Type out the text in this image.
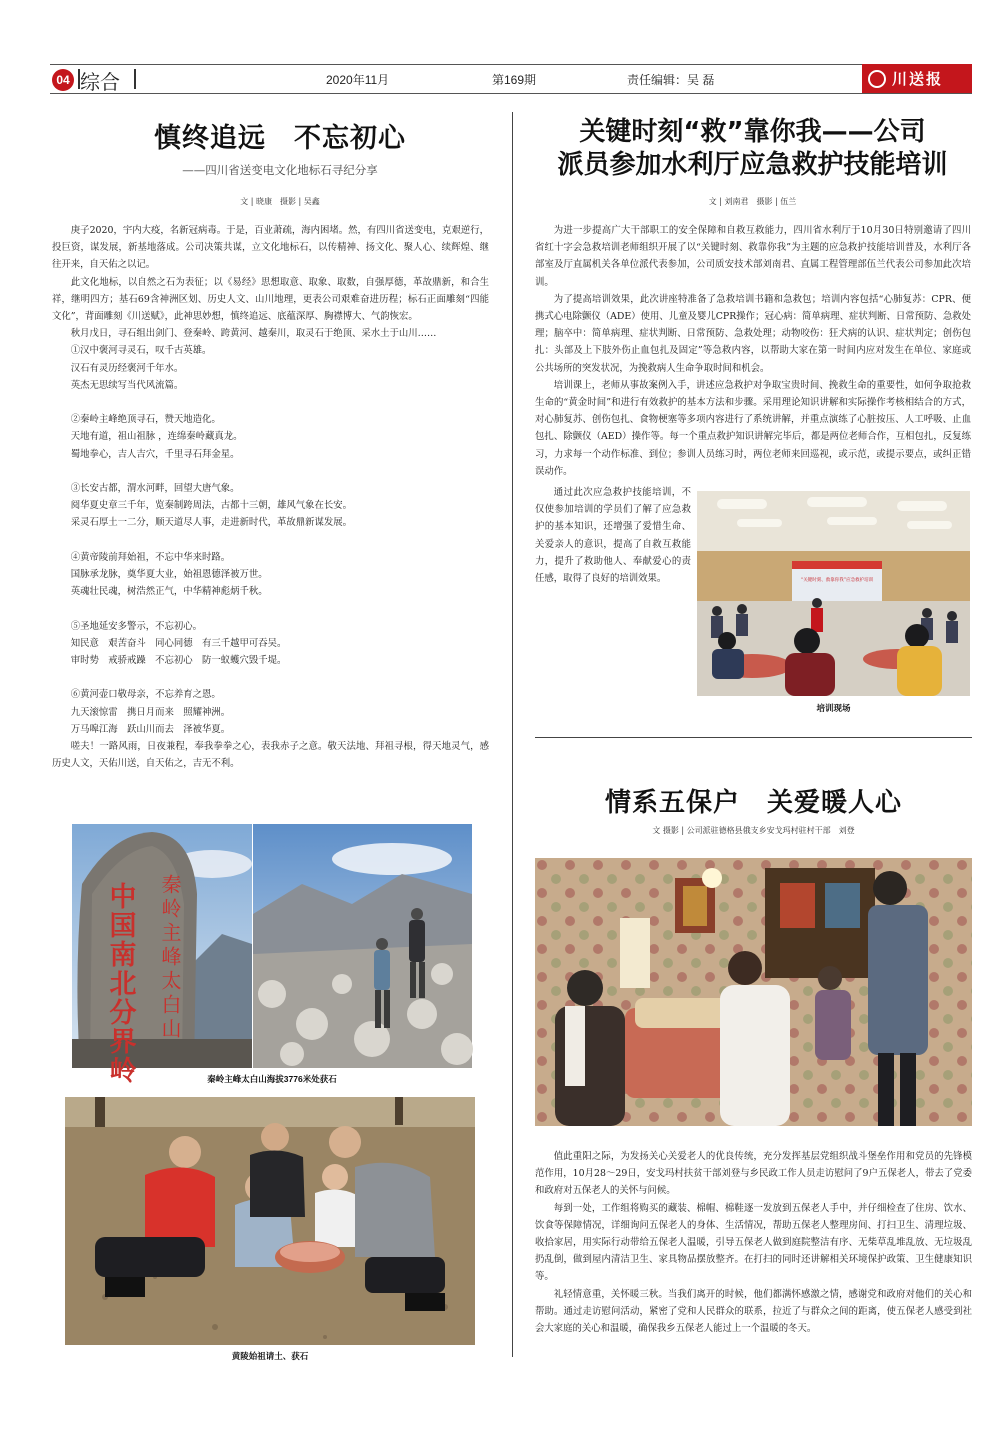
04 综合	2020年11月	第169期	责任编辑：吴 磊	川送报
慎终追远　不忘初心
——四川省送变电文化地标石寻纪分享
文 | 晓康　摄影 | 吴鑫

庚子2020，宇内大疫，名新冠病毒。于是，百业萧疏，海内困堵。然，有四川省送变电，克艰逆行，投巨资，谋发展，新基地落成。公司决策共谋，立文化地标石，以传精神、扬文化、聚人心、续辉煌、继往开来，自天佑之以记。

此文化地标，以自然之石为表征；以《易经》思想取意、取象、取数，自强厚德，革故鼎新，和合生祥，继明四方；基石69含神洲区划、历史人文、山川地理，更表公司艰难奋进历程；标石正面雕刻“四能文化”，背面雕刻《川送赋》，此神思妙想，慎终追远、底蕴深厚、胸襟博大、气韵恢宏。

秋月戊日，寻石组出剑门、登秦岭、跨黄河、越秦川，取灵石于绝顶、采水土于山川……

①汉中褒河寻灵石，叹千古英雄。

汉石有灵历经褒河千年水。

英杰无思续写当代风流篇。

②秦岭主峰绝顶寻石，赞天地造化。

天地有道，祖山祖脉 ，连绵秦岭藏真龙。

蜀地拳心，吉人吉穴，千里寻石拜金星。

③长安古都，渭水河畔，回望大唐气象。

阅华夏史章三千年，览秦制跨周法，古都十三朝，雄风气象在长安。

采灵石厚土一二分，顺天道尽人事，走进新时代，革故鼎新谋发展。

④黄帝陵前拜始祖，不忘中华来时路。

国脉承龙脉，奠华夏大业，始祖恩德泽被万世。

英魂壮民魂，树浩然正气，中华精神彪炳千秋。

⑤圣地延安多警示，不忘初心。

知民意　艰苦奋斗　同心同德　有三千越甲可吞吴。

审时势　戒骄戒躁　不忘初心　防一蚁蠖穴毁千堤。

⑥黄河壶口敬母亲，不忘养育之恩。

九天滚惊雷　携日月而来　照耀神洲。

万马嗥江海　跃山川而去　泽被华夏。

嗟夫！一路风雨，日夜兼程，奉我拳拳之心，表我赤子之意。敬天法地、拜祖寻根，得天地灵气，感历史人文，天佑川送，自天佑之，吉无不利。

中国南北分界岭 秦岭主峰太白山
秦岭主峰太白山海拔3776米处获石
黄陵始祖请土、获石
关键时刻“救”靠你我——公司
派员参加水利厅应急救护技能培训
文 | 刘南君　摄影 | 伍兰

为进一步提高广大干部职工的安全保障和自救互救能力，四川省水利厅于10月30日特别邀请了四川省红十字会急救培训老师组织开展了以“关键时刻、救靠你我”为主题的应急救护技能培训普及，水利厅各部室及厅直属机关各单位派代表参加，公司质安技术部刘南君、直属工程管理部伍兰代表公司参加此次培训。

为了提高培训效果，此次讲座特准备了急救培训书籍和急救包；培训内容包括“心肺复苏：CPR、便携式心电除颤仪（ADE）使用、儿童及婴儿CPR操作；冠心病：简单病理、症状判断、日常预防、急救处理；脑卒中：简单病理、症状判断、日常预防、急救处理；动物咬伤：狂犬病的认识、症状判定；创伤包扎：头部及上下肢外伤止血包扎及固定”等急救内容，以帮助大家在第一时间内应对发生在单位、家庭或公共场所的突发状况，为挽救病人生命争取时间和机会。

培训课上，老师从事故案例入手，讲述应急救护对争取宝贵时间、挽救生命的重要性，如何争取抢救生命的“黄金时间”和进行有效救护的基本方法和步骤。采用理论知识讲解和实际操作考核相结合的方式，对心肺复苏、创伤包扎、食物梗塞等多项内容进行了系统讲解，并重点演练了心脏按压、人工呼吸、止血包扎、除颤仪（AED）操作等。每一个重点救护知识讲解完毕后，都是两位老师合作，互相包扎，反复练习，力求每一个动作标准、到位；参训人员练习时，两位老师来回巡视，或示范，或提示要点，或纠正错误动作。

通过此次应急救护技能培训，不仅使参加培训的学员们了解了应急救护的基本知识，还增强了爱惜生命、关爱亲人的意识，提高了自救互救能力，提升了救助他人、奉献爱心的责任感，取得了良好的培训效果。	“关键时刻、救靠你我”应急救护培训
培训现场
情系五保户　关爱暖人心
文 摄影 | 公司派驻德格县俄支乡安戈玛村驻村干部　刘登

值此重阳之际，为发扬关心关爱老人的优良传统，充分发挥基层党组织战斗堡垒作用和党员的先锋模范作用，10月28～29日，安戈玛村扶贫干部刘登与乡民政工作人员走访慰问了9户五保老人，带去了党委和政府对五保老人的关怀与问候。

每到一处，工作组将购买的藏装、棉帽、棉鞋逐一发放到五保老人手中，并仔细检查了住房、饮水、饮食等保障情况，详细询问五保老人的身体、生活情况，帮助五保老人整理房间、打扫卫生、清理垃圾、收拾家居，用实际行动带给五保老人温暖，引导五保老人做到庭院整洁有序、无柴草乱堆乱放、无垃圾乱扔乱倒，做到屋内清洁卫生、家具物品摆放整齐。在打扫的同时还讲解相关环境保护政策、卫生健康知识等。

礼轻情意重，关怀暖三秋。当我们离开的时候，他们都满怀感激之情，感谢党和政府对他们的关心和帮助。通过走访慰问活动，紧密了党和人民群众的联系，拉近了与群众之间的距离，使五保老人感受到社会大家庭的关心和温暖，确保我乡五保老人能过上一个温暖的冬天。
